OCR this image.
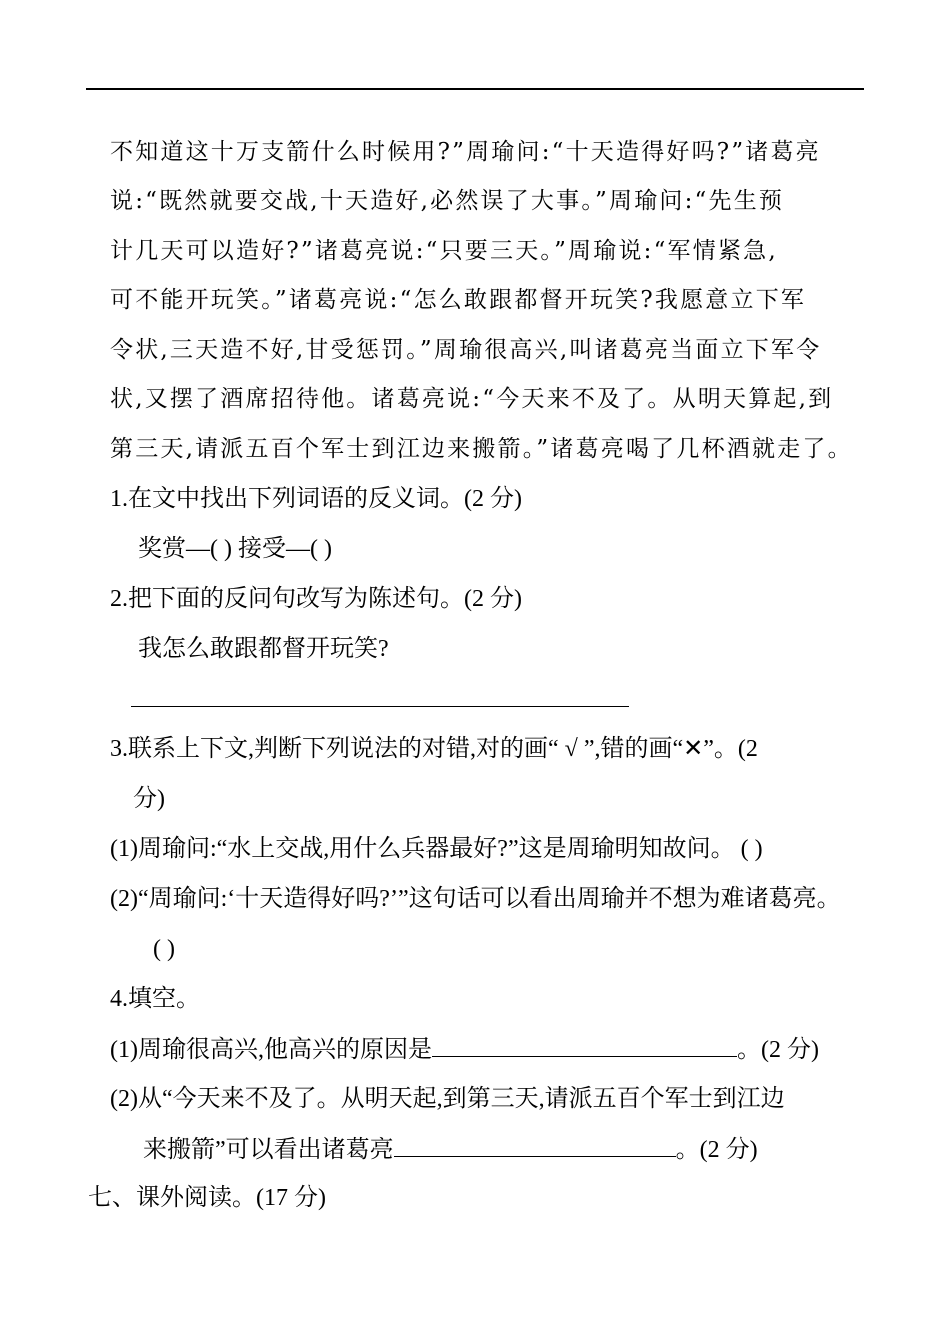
不知道这十万支箭什么时候用?”周瑜问:“十天造得好吗?”诸葛亮
说:“既然就要交战,十天造好,必然误了大事。”周瑜问:“先生预
计几天可以造好?”诸葛亮说:“只要三天。”周瑜说:“军情紧急,
可不能开玩笑。”诸葛亮说:“怎么敢跟都督开玩笑?我愿意立下军
令状,三天造不好,甘受惩罚。”周瑜很高兴,叫诸葛亮当面立下军令
状,又摆了酒席招待他。诸葛亮说:“今天来不及了。从明天算起,到
第三天,请派五百个军士到江边来搬箭。”诸葛亮喝了几杯酒就走了。
1.在文中找出下列词语的反义词。(2 分)
奖赏—( ) 接受—( )
2.把下面的反问句改写为陈述句。(2 分)
我怎么敢跟都督开玩笑?
3.联系上下文,判断下列说法的对错,对的画“ √ ”,错的画“✕”。(2
分)
(1)周瑜问:“水上交战,用什么兵器最好?”这是周瑜明知故问。 ( )
(2)“周瑜问:‘十天造得好吗?’”这句话可以看出周瑜并不想为难诸葛亮。
( )
4.填空。
(1)周瑜很高兴,他高兴的原因是	。(2 分)
(2)从“今天来不及了。从明天起,到第三天,请派五百个军士到江边
来搬箭”可以看出诸葛亮	。(2 分)
七、课外阅读。(17 分)
